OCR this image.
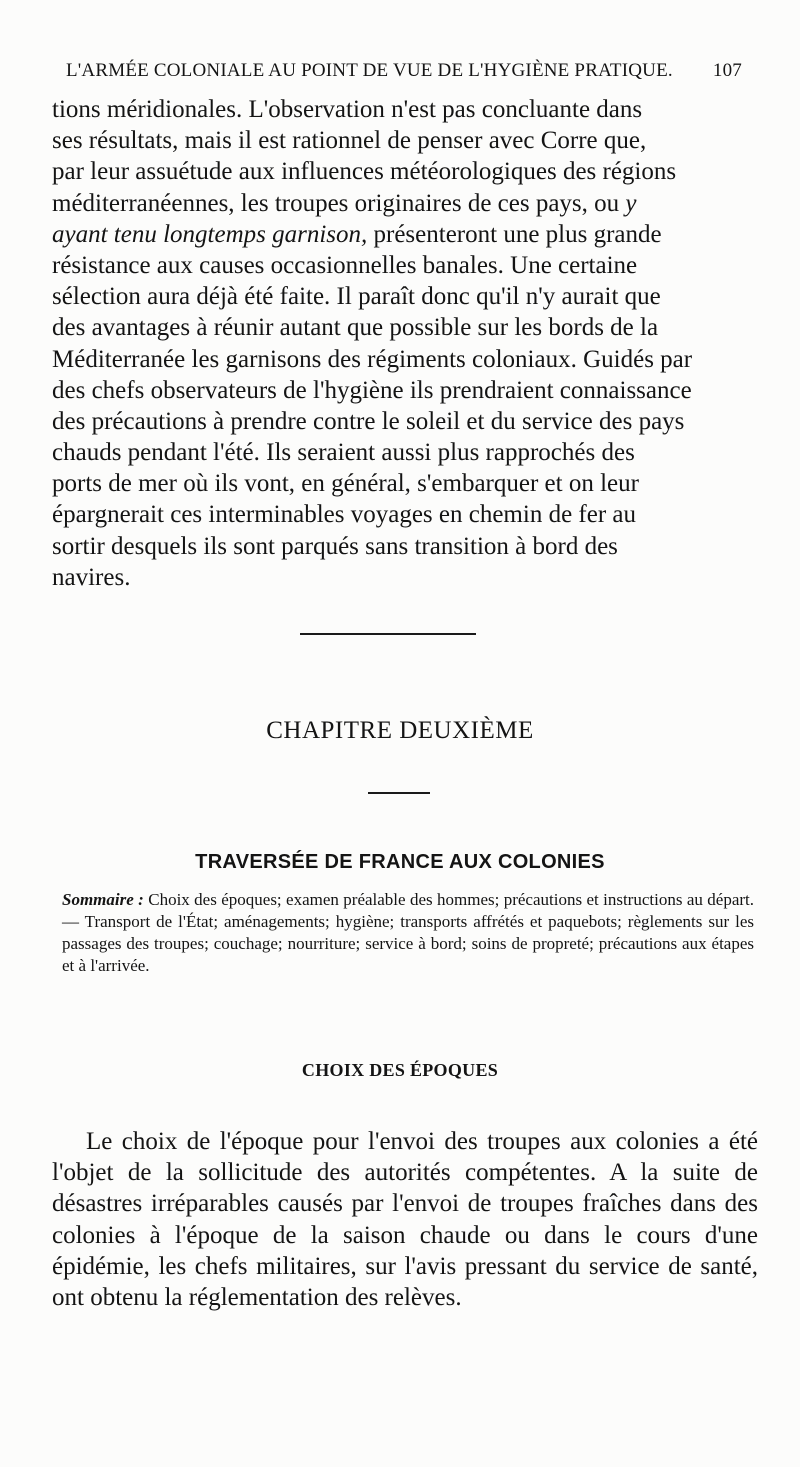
L'ARMÉE COLONIALE AU POINT DE VUE DE L'HYGIÈNE PRATIQUE. 107
tions méridionales. L'observation n'est pas concluante dans
ses résultats, mais il est rationnel de penser avec Corre que,
par leur assuétude aux influences météorologiques des régions
méditerranéennes, les troupes originaires de ces pays, ou y
ayant tenu longtemps garnison, présenteront une plus grande
résistance aux causes occasionnelles banales. Une certaine
sélection aura déjà été faite. Il paraît donc qu'il n'y aurait que
des avantages à réunir autant que possible sur les bords de la
Méditerranée les garnisons des régiments coloniaux. Guidés par
des chefs observateurs de l'hygiène ils prendraient connaissance
des précautions à prendre contre le soleil et du service des pays
chauds pendant l'été. Ils seraient aussi plus rapprochés des
ports de mer où ils vont, en général, s'embarquer et on leur
épargnerait ces interminables voyages en chemin de fer au
sortir desquels ils sont parqués sans transition à bord des
navires.
CHAPITRE DEUXIÈME
TRAVERSÉE DE FRANCE AUX COLONIES
Sommaire : Choix des époques; examen préalable des hommes; précautions et instructions au départ. — Transport de l'État; aménagements; hygiène; transports affrétés et paquebots; règlements sur les passages des troupes; couchage; nourriture; service à bord; soins de propreté; précautions aux étapes et à l'arrivée.
CHOIX DES ÉPOQUES

Le choix de l'époque pour l'envoi des troupes aux colonies a été l'objet de la sollicitude des autorités compétentes. A la suite de désastres irréparables causés par l'envoi de troupes fraîches dans des colonies à l'époque de la saison chaude ou dans le cours d'une épidémie, les chefs militaires, sur l'avis pressant du service de santé, ont obtenu la réglementation des relèves.
